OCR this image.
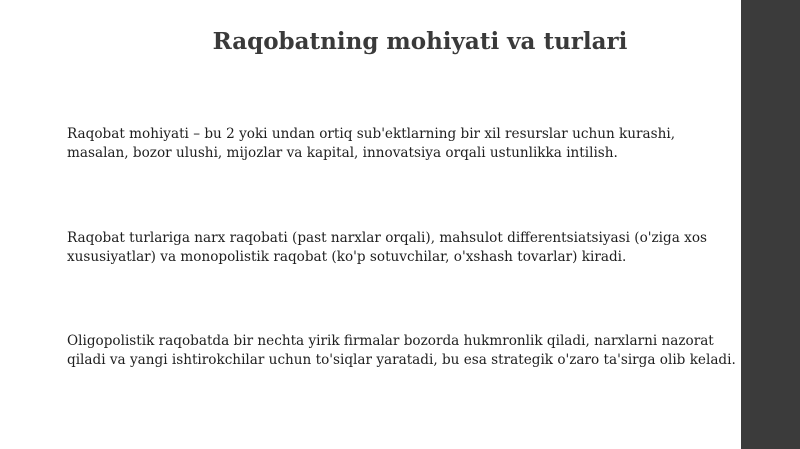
Raqobatning mohiyati va turlari
Raqobat mohiyati – bu 2 yoki undan ortiq sub'ektlarning bir xil resurslar uchun kurashi,
masalan, bozor ulushi, mijozlar va kapital, innovatsiya orqali ustunlikka intilish.
Raqobat turlariga narx raqobati (past narxlar orqali), mahsulot differentsiatsiyasi (o'ziga xos
xususiyatlar) va monopolistik raqobat (ko'p sotuvchilar, o'xshash tovarlar) kiradi.
Oligopolistik raqobatda bir nechta yirik firmalar bozorda hukmronlik qiladi, narxlarni nazorat
qiladi va yangi ishtirokchilar uchun to'siqlar yaratadi, bu esa strategik o'zaro ta'sirga olib keladi.
